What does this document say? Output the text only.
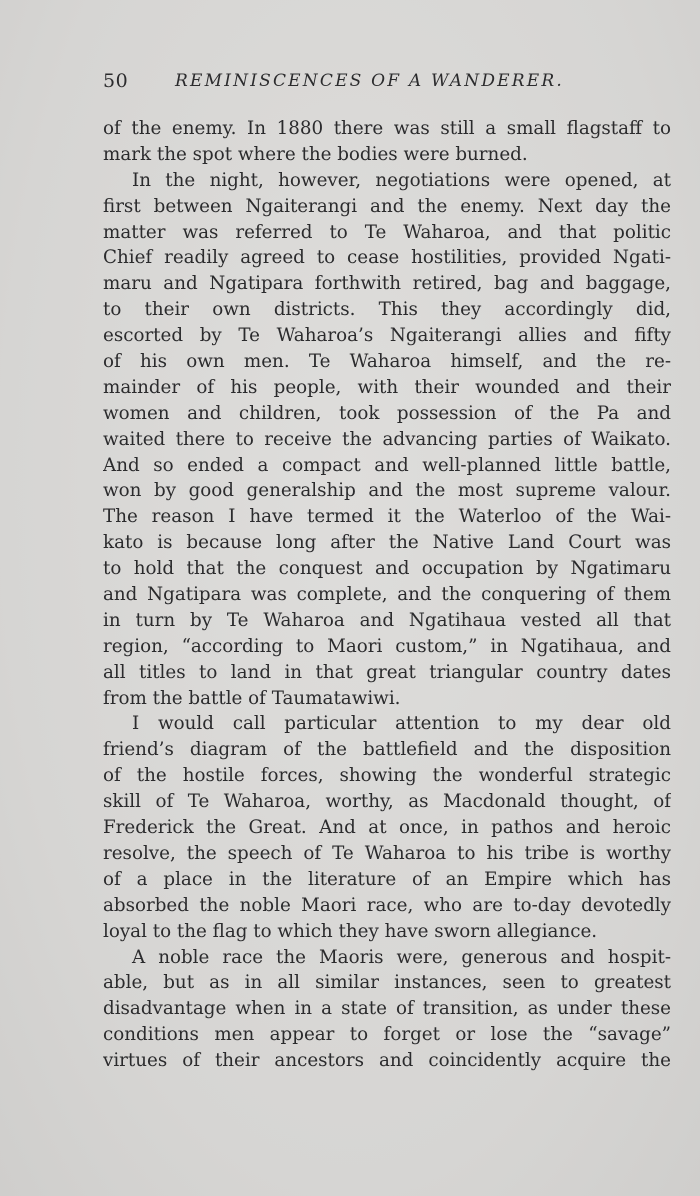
50	REMINISCENCES OF A WANDERER.
of the enemy. In 1880 there was still a small flagstaff to
mark the spot where the bodies were burned.
In the night, however, negotiations were opened, at
first between Ngaiterangi and the enemy. Next day the
matter was referred to Te Waharoa, and that politic
Chief readily agreed to cease hostilities, provided Ngati-
maru and Ngatipara forthwith retired, bag and baggage,
to their own districts. This they accordingly did,
escorted by Te Waharoa’s Ngaiterangi allies and fifty
of his own men. Te Waharoa himself, and the re-
mainder of his people, with their wounded and their
women and children, took possession of the Pa and
waited there to receive the advancing parties of Waikato.
And so ended a compact and well-planned little battle,
won by good generalship and the most supreme valour.
The reason I have termed it the Waterloo of the Wai-
kato is because long after the Native Land Court was
to hold that the conquest and occupation by Ngatimaru
and Ngatipara was complete, and the conquering of them
in turn by Te Waharoa and Ngatihaua vested all that
region, “according to Maori custom,” in Ngatihaua, and
all titles to land in that great triangular country dates
from the battle of Taumatawiwi.
I would call particular attention to my dear old
friend’s diagram of the battlefield and the disposition
of the hostile forces, showing the wonderful strategic
skill of Te Waharoa, worthy, as Macdonald thought, of
Frederick the Great. And at once, in pathos and heroic
resolve, the speech of Te Waharoa to his tribe is worthy
of a place in the literature of an Empire which has
absorbed the noble Maori race, who are to-day devotedly
loyal to the flag to which they have sworn allegiance.
A noble race the Maoris were, generous and hospit-
able, but as in all similar instances, seen to greatest
disadvantage when in a state of transition, as under these
conditions men appear to forget or lose the “savage”
virtues of their ancestors and coincidently acquire the
